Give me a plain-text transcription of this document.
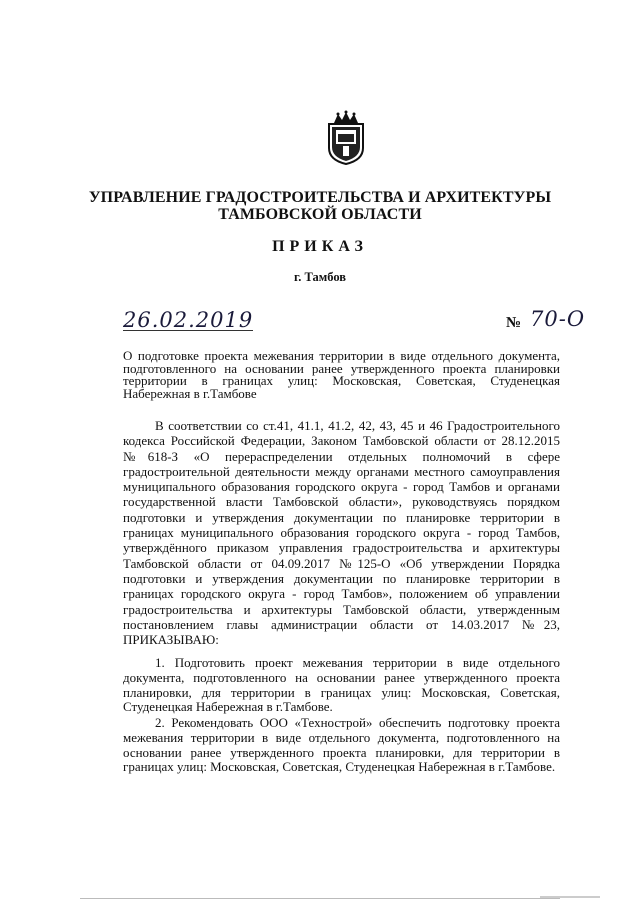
УПРАВЛЕНИЕ ГРАДОСТРОИТЕЛЬСТВА И АРХИТЕКТУРЫ
ТАМБОВСКОЙ ОБЛАСТИ
ПРИКАЗ
г. Тамбов
26.02.2019	№ 70-О
О подготовке проекта межевания территории в виде отдельного документа, подготовленного на основании ранее утвержденного проекта планировки территории в границах улиц: Московская, Советская, Студенецкая Набережная в г.Тамбове
В соответствии со ст.41, 41.1, 41.2, 42, 43, 45 и 46 Градостроительного кодекса Российской Федерации, Законом Тамбовской области от 28.12.2015 №618-З «О перераспределении отдельных полномочий в сфере градостроительной деятельности между органами местного самоуправления муниципального образования городского округа - город Тамбов и органами государственной власти Тамбовской области», руководствуясь порядком подготовки и утверждения документации по планировке территории в границах муниципального образования городского округа - город Тамбов, утверждённого приказом управления градостроительства и архитектуры Тамбовской области от 04.09.2017 №125-О «Об утверждении Порядка подготовки и утверждения документации по планировке территории в границах городского округа - город Тамбов», положением об управлении градостроительства и архитектуры Тамбовской области, утвержденным постановлением главы администрации области от 14.03.2017 №23, ПРИКАЗЫВАЮ:
1. Подготовить проект межевания территории в виде отдельного документа, подготовленного на основании ранее утвержденного проекта планировки, для территории в границах улиц: Московская, Советская, Студенецкая Набережная в г.Тамбове.
2. Рекомендовать ООО «Технострой» обеспечить подготовку проекта межевания территории в виде отдельного документа, подготовленного на основании ранее утвержденного проекта планировки, для территории в границах улиц: Московская, Советская, Студенецкая Набережная в г.Тамбове.
